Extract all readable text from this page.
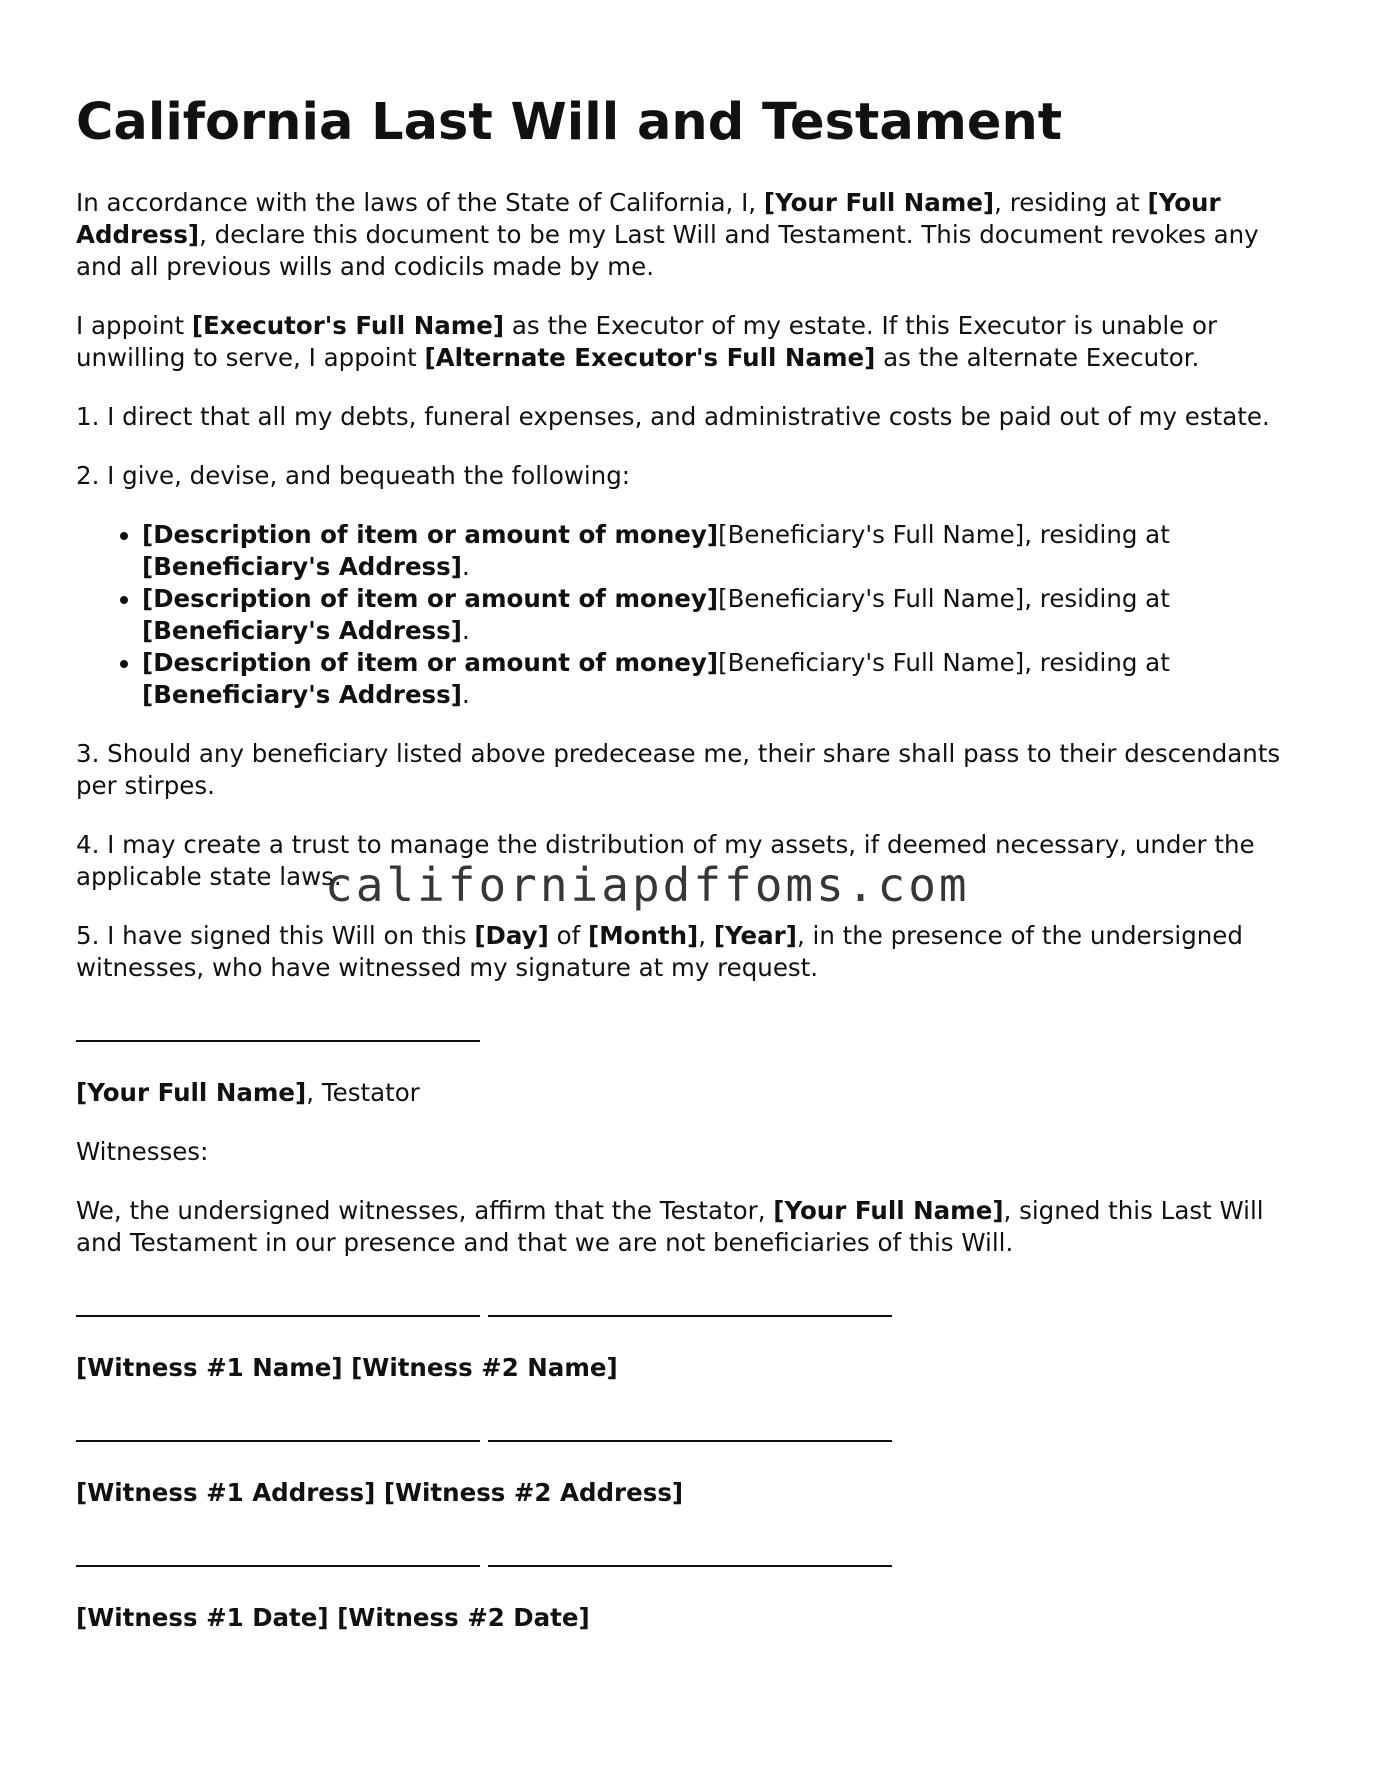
California Last Will and Testament

In accordance with the laws of the State of California, I, [Your Full Name], residing at [Your Address], declare this document to be my Last Will and Testament. This document revokes any and all previous wills and codicils made by me.

I appoint [Executor's Full Name] as the Executor of my estate. If this Executor is unable or unwilling to serve, I appoint [Alternate Executor's Full Name] as the alternate Executor.

1. I direct that all my debts, funeral expenses, and administrative costs be paid out of my estate.

2. I give, devise, and bequeath the following:

• [Description of item or amount of money][Beneficiary's Full Name], residing at [Beneficiary's Address].
• [Description of item or amount of money][Beneficiary's Full Name], residing at [Beneficiary's Address].
• [Description of item or amount of money][Beneficiary's Full Name], residing at [Beneficiary's Address].

3. Should any beneficiary listed above predecease me, their share shall pass to their descendants per stirpes.

4. I may create a trust to manage the distribution of my assets, if deemed necessary, under the applicable state laws.

5. I have signed this Will on this [Day] of [Month], [Year], in the presence of the undersigned witnesses, who have witnessed my signature at my request.

[Your Full Name], Testator

Witnesses:

We, the undersigned witnesses, affirm that the Testator, [Your Full Name], signed this Last Will and Testament in our presence and that we are not beneficiaries of this Will.

[Witness #1 Name] [Witness #2 Name]
[Witness #1 Address] [Witness #2 Address]
[Witness #1 Date] [Witness #2 Date]
californiapdffoms.com
